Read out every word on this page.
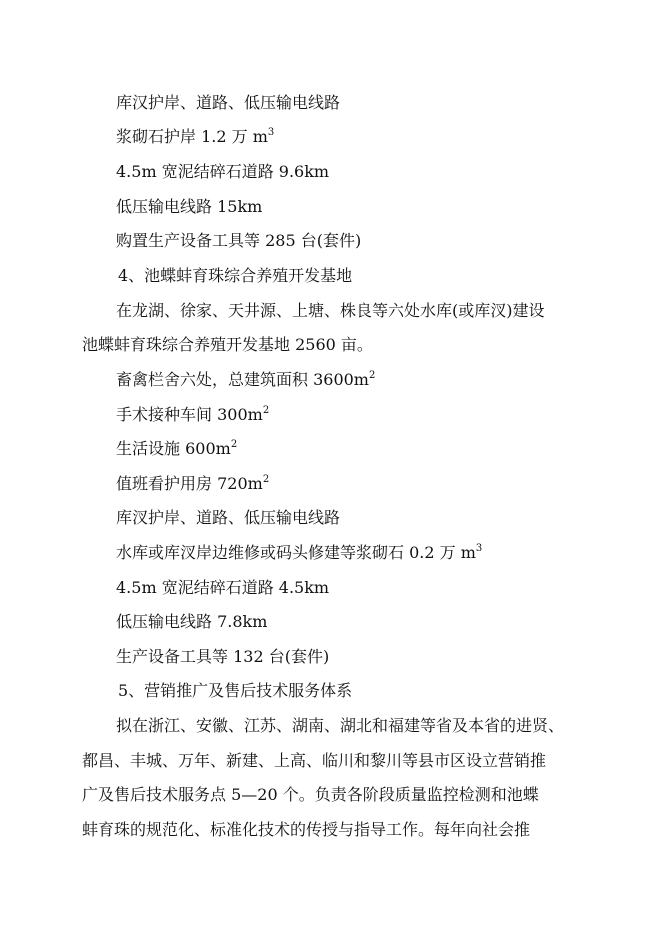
库汉护岸、道路、低压输电线路
浆砌石护岸 1.2 万 $m^3$
4.5m 宽泥结碎石道路 9.6km
低压输电线路 15km
购置生产设备工具等 285 台(套件)
4、池蝶蚌育珠综合养殖开发基地
在龙湖、徐家、天井源、上塘、株良等六处水库(或库汊)建设
池蝶蚌育珠综合养殖开发基地 2560 亩。
畜禽栏舍六处，总建筑面积 $3600m^2$
手术接种车间 $300m^2$
生活设施 $600m^2$
值班看护用房 $720m^2$
库汊护岸、道路、低压输电线路
水库或库汊岸边维修或码头修建等浆砌石 0.2 万 $m^3$
4.5m 宽泥结碎石道路 4.5km
低压输电线路 7.8km
生产设备工具等 132 台(套件)
5、营销推广及售后技术服务体系
拟在浙江、安徽、江苏、湖南、湖北和福建等省及本省的进贤、
都昌、丰城、万年、新建、上高、临川和黎川等县市区设立营销推
广及售后技术服务点 5—20 个。负责各阶段质量监控检测和池蝶
蚌育珠的规范化、标准化技术的传授与指导工作。每年向社会推
